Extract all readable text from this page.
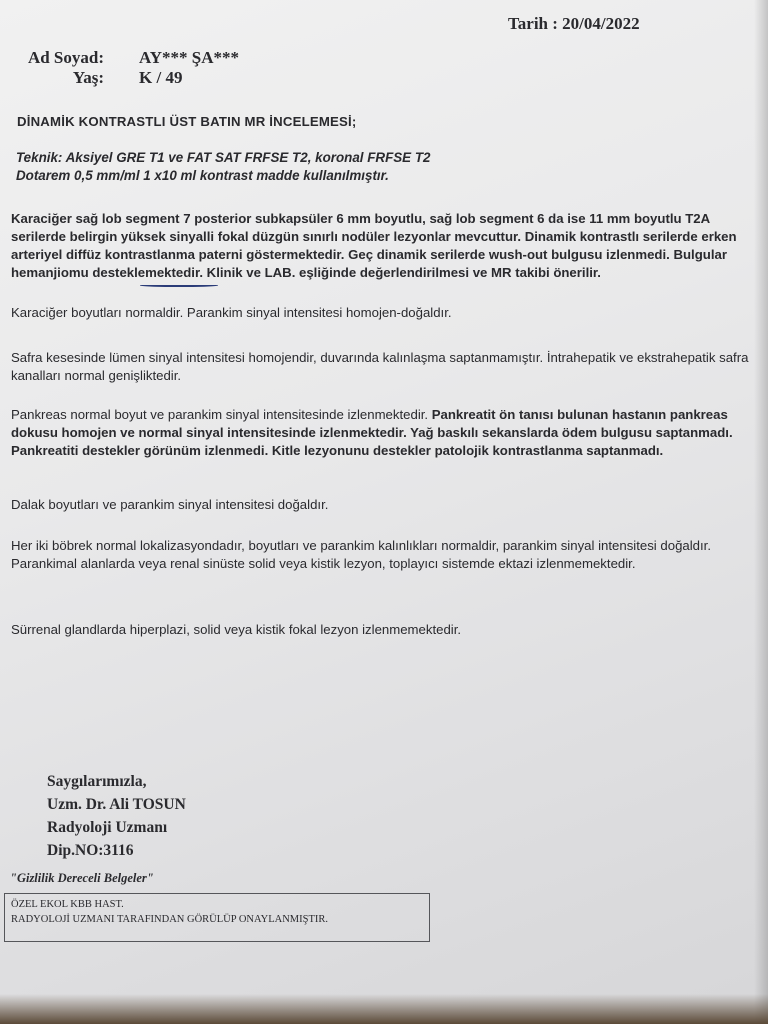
Tarih : 20/04/2022
Ad Soyad: AY*** ŞA***
Yaş: K / 49
DİNAMİK KONTRASTLI ÜST BATIN MR İNCELEMESİ;
Teknik: Aksiyel GRE T1 ve FAT SAT FRFSE T2, koronal FRFSE T2
Dotarem 0,5 mm/ml 1 x10 ml kontrast madde kullanılmıştır.
Karaciğer sağ lob segment 7 posterior subkapsüler 6 mm boyutlu, sağ lob segment 6 da ise 11 mm boyutlu T2A serilerde belirgin yüksek sinyalli fokal düzgün sınırlı nodüler lezyonlar mevcuttur. Dinamik kontrastlı serilerde erken arteriyel diffüz kontrastlanma paterni göstermektedir. Geç dinamik serilerde wush-out bulgusu izlenmedi. Bulgular hemanjiomu desteklemektedir. Klinik ve LAB. eşliğinde değerlendirilmesi ve MR takibi önerilir.
Karaciğer boyutları normaldir. Parankim sinyal intensitesi homojen-doğaldır.
Safra kesesinde lümen sinyal intensitesi homojendir, duvarında kalınlaşma saptanmamıştır. İntrahepatik ve ekstrahepatik safra kanalları normal genişliktedir.
Pankreas normal boyut ve parankim sinyal intensitesinde izlenmektedir. Pankreatit ön tanısı bulunan hastanın pankreas dokusu homojen ve normal sinyal intensitesinde izlenmektedir. Yağ baskılı sekanslarda ödem bulgusu saptanmadı. Pankreatiti destekler görünüm izlenmedi. Kitle lezyonunu destekler patolojik kontrastlanma saptanmadı.
Dalak boyutları ve parankim sinyal intensitesi doğaldır.
Her iki böbrek normal lokalizasyondadır, boyutları ve parankim kalınlıkları normaldir, parankim sinyal intensitesi doğaldır. Parankimal alanlarda veya renal sinüste solid veya kistik lezyon, toplayıcı sistemde ektazi izlenmemektedir.
Sürrenal glandlarda hiperplazi, solid veya kistik fokal lezyon izlenmemektedir.
Saygılarımızla,
Uzm. Dr. Ali TOSUN
Radyoloji Uzmanı
Dip.NO:3116
"Gizlilik Dereceli Belgeler"
ÖZEL EKOL KBB HAST.
RADYOLOJİ UZMANI TARAFINDAN GÖRÜLÜP ONAYLANMIŞTIR.
